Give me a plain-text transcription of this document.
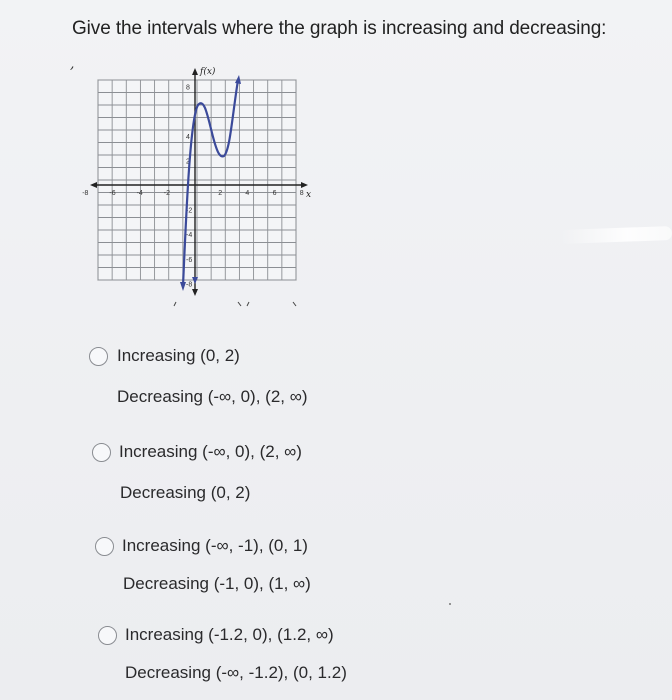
Give the intervals where the graph is increasing and decreasing:
,	f(x)
x
-8	-6	-4	-2	2	4	6	8
8
4
2
-2
-4
-6
-8
Increasing (0, 2)
Decreasing (-∞, 0), (2, ∞)
Increasing (-∞, 0), (2, ∞)
Decreasing (0, 2)
Increasing (-∞, -1), (0, 1)
Decreasing (-1, 0), (1, ∞)
Increasing (-1.2, 0), (1.2, ∞)
Decreasing (-∞, -1.2), (0, 1.2)
